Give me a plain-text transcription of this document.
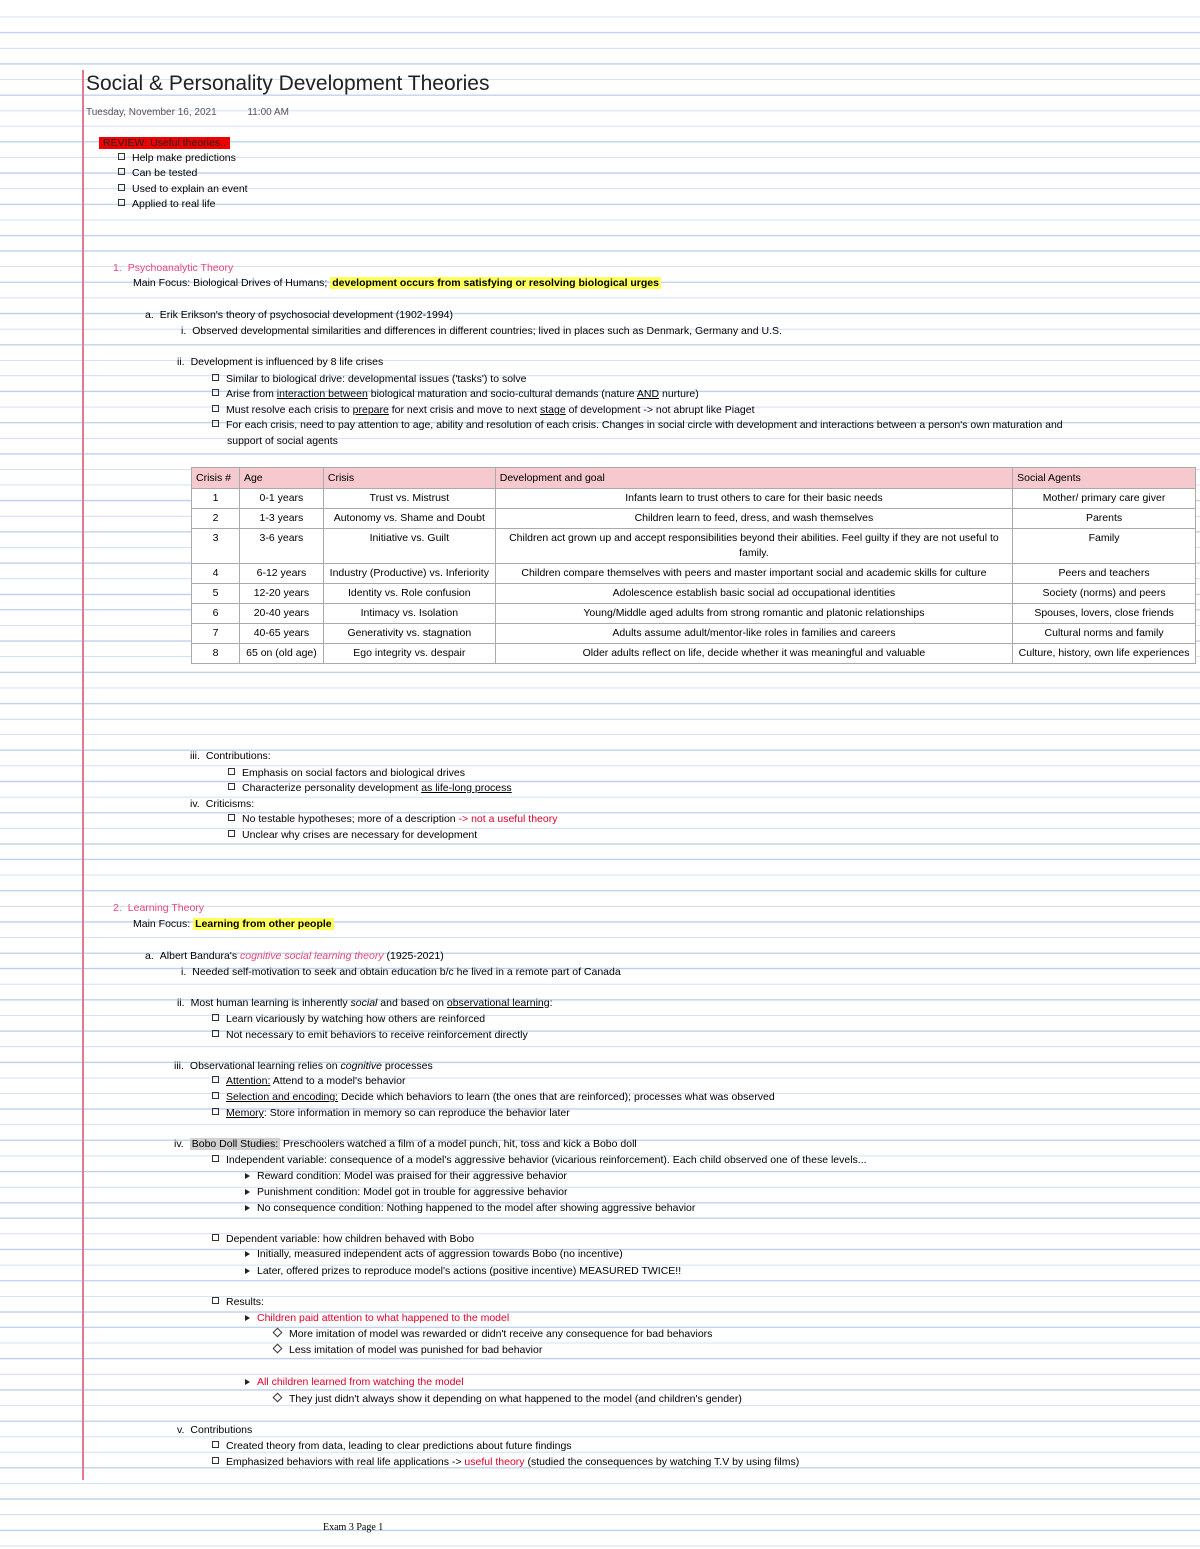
Social & Personality Development Theories
Tuesday, November 16, 2021	11:00 AM
REVIEW: Useful theories..
Help make predictions
Can be tested
Used to explain an event
Applied to real life
1. Psychoanalytic Theory
Main Focus: Biological Drives of Humans; development occurs from satisfying or resolving biological urges
a. Erik Erikson's theory of psychosocial development (1902-1994)
i. Observed developmental similarities and differences in different countries; lived in places such as Denmark, Germany and U.S.
ii. Development is influenced by 8 life crises
Similar to biological drive: developmental issues ('tasks') to solve
Arise from interaction between biological maturation and socio-cultural demands (nature AND nurture)
Must resolve each crisis to prepare for next crisis and move to next stage of development -> not abrupt like Piaget
For each crisis, need to pay attention to age, ability and resolution of each crisis. Changes in social circle with development and interactions between a person's own maturation and
support of social agents
Crisis #	Age	Crisis	Development and goal	Social Agents
1	0-1 years	Trust vs. Mistrust	Infants learn to trust others to care for their basic needs	Mother/ primary care giver
2	1-3 years	Autonomy vs. Shame and Doubt	Children learn to feed, dress, and wash themselves	Parents
3	3-6 years	Initiative vs. Guilt	Children act grown up and accept responsibilities beyond their abilities. Feel guilty if they are not useful to family.	Family
4	6-12 years	Industry (Productive) vs. Inferiority	Children compare themselves with peers and master important social and academic skills for culture	Peers and teachers
5	12-20 years	Identity vs. Role confusion	Adolescence establish basic social ad occupational identities	Society (norms) and peers
6	20-40 years	Intimacy vs. Isolation	Young/Middle aged adults from strong romantic and platonic relationships	Spouses, lovers, close friends
7	40-65 years	Generativity vs. stagnation	Adults assume adult/mentor-like roles in families and careers	Cultural norms and family
8	65 on (old age)	Ego integrity vs. despair	Older adults reflect on life, decide whether it was meaningful and valuable	Culture, history, own life experiences
iii. Contributions:
Emphasis on social factors and biological drives
Characterize personality development as life-long process
iv. Criticisms:
No testable hypotheses; more of a description -> not a useful theory
Unclear why crises are necessary for development
2. Learning Theory
Main Focus: Learning from other people
a. Albert Bandura's cognitive social learning theory (1925-2021)
i. Needed self-motivation to seek and obtain education b/c he lived in a remote part of Canada
ii. Most human learning is inherently social and based on observational learning:
Learn vicariously by watching how others are reinforced
Not necessary to emit behaviors to receive reinforcement directly
iii. Observational learning relies on cognitive processes
Attention: Attend to a model's behavior
Selection and encoding: Decide which behaviors to learn (the ones that are reinforced); processes what was observed
Memory: Store information in memory so can reproduce the behavior later
iv. Bobo Doll Studies: Preschoolers watched a film of a model punch, hit, toss and kick a Bobo doll
Independent variable: consequence of a model's aggressive behavior (vicarious reinforcement). Each child observed one of these levels...
Reward condition: Model was praised for their aggressive behavior
Punishment condition: Model got in trouble for aggressive behavior
No consequence condition: Nothing happened to the model after showing aggressive behavior
Dependent variable: how children behaved with Bobo
Initially, measured independent acts of aggression towards Bobo (no incentive)
Later, offered prizes to reproduce model's actions (positive incentive) MEASURED TWICE!!
Results:
Children paid attention to what happened to the model
More imitation of model was rewarded or didn't receive any consequence for bad behaviors
Less imitation of model was punished for bad behavior
All children learned from watching the model
They just didn't always show it depending on what happened to the model (and children's gender)
v. Contributions
Created theory from data, leading to clear predictions about future findings
Emphasized behaviors with real life applications -> useful theory (studied the consequences by watching T.V by using films)
Exam 3 Page 1
